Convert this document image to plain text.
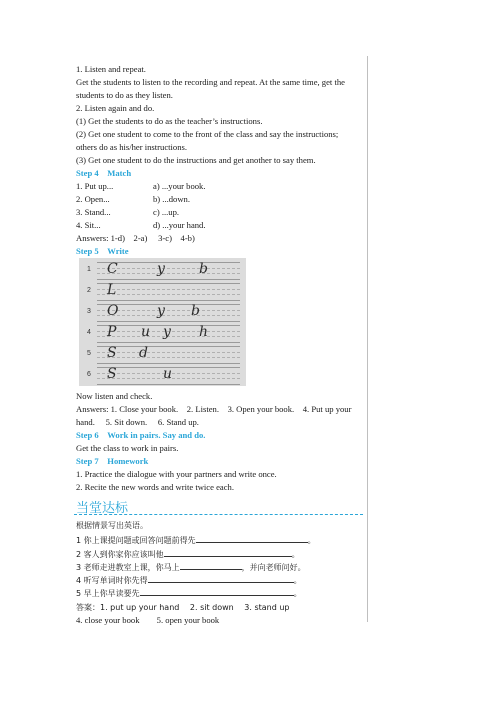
1. Listen and repeat.
Get the students to listen to the recording and repeat. At the same time, get the
students to do as they listen.
2. Listen again and do.
(1) Get the students to do as the teacher’s instructions.
(2) Get one student to come to the front of the class and say the instructions;
others do as his/her instructions.
(3) Get one student to do the instructions and get another to say them.
Step 4　Match
1. Put up...	a) ...your book.
2. Open...	b) ...down.
3. Stand...	c) ...up.
4. Sit...	d) ...your hand.
Answers: 1-d)　2-a)　 3-c)　4-b)
Step 5　Write
1 C	y b
2 L
3 O	y b
4 P u y h
5 S d
6 S	u
Now listen and check.
Answers: 1. Close your book.　2. Listen.　3. Open your book.　4. Put up your
hand.　 5. Sit down.　 6. Stand up.
Step 6　Work in pairs. Say and do.
Get the class to work in pairs.
Step 7　Homework
1. Practice the dialogue with your partners and write once.
2. Recite the new words and write twice each.
当堂达标
根据情景写出英语。
1 你上课提问题或回答问题前得先	。
2 客人到你家你应该叫他	。
3 老师走进教室上课，你马上	，并向老师问好。
4 听写单词时你先得	。
5 早上你早读要先	。
答案：1. put up your hand　 2. sit down　 3. stand up
4. close your book　　5. open your book
